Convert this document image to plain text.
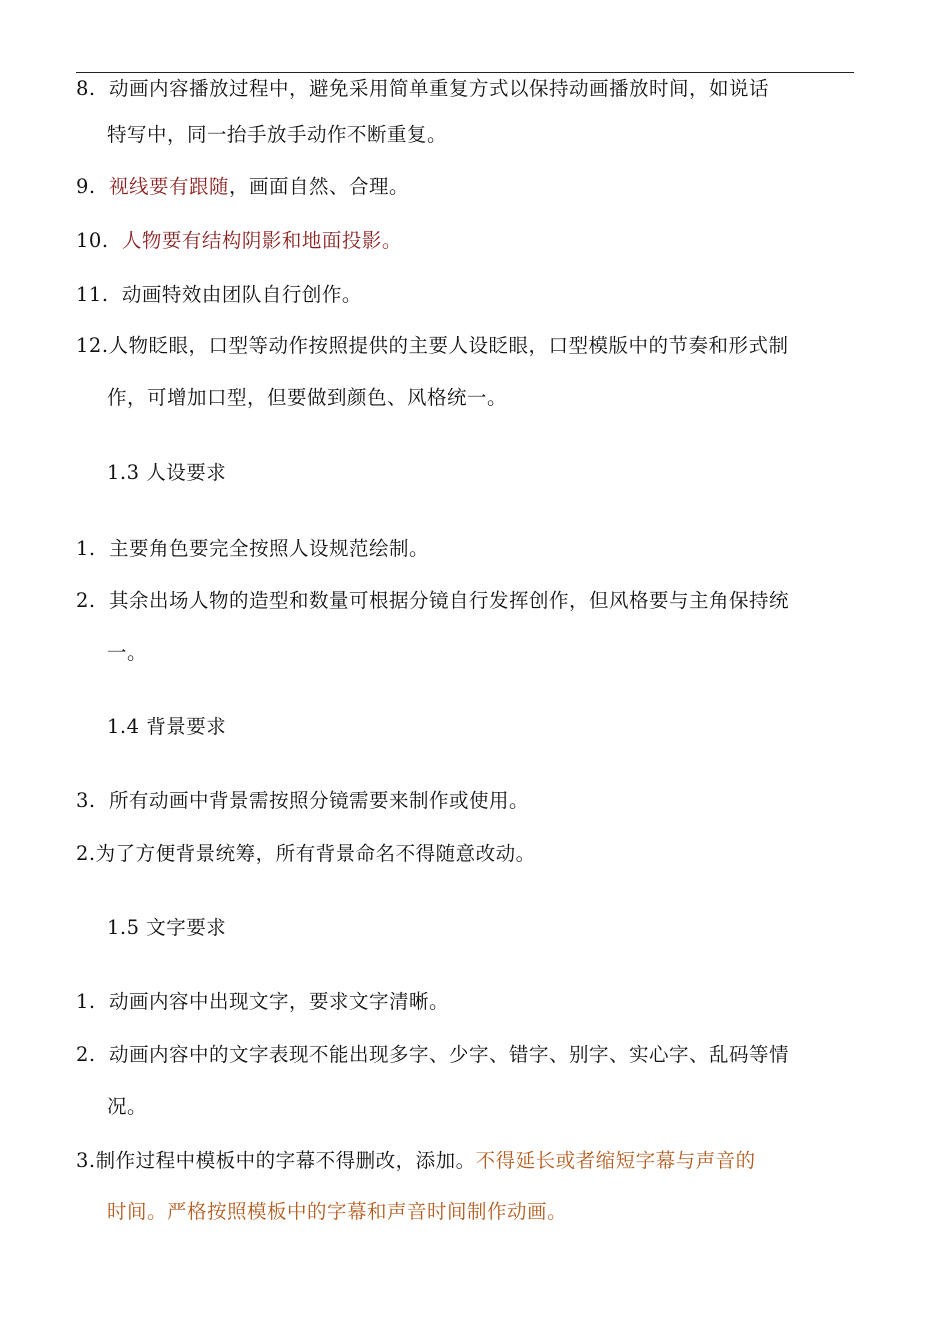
8. 动画内容播放过程中，避免采用简单重复方式以保持动画播放时间，如说话
特写中，同一抬手放手动作不断重复。
9. 视线要有跟随，画面自然、合理。
10. 人物要有结构阴影和地面投影。
11. 动画特效由团队自行创作。
12.人物眨眼，口型等动作按照提供的主要人设眨眼，口型模版中的节奏和形式制
作，可增加口型，但要做到颜色、风格统一。
1.3 人设要求
1. 主要角色要完全按照人设规范绘制。
2. 其余出场人物的造型和数量可根据分镜自行发挥创作，但风格要与主角保持统
一。
1.4 背景要求
3. 所有动画中背景需按照分镜需要来制作或使用。
2.为了方便背景统筹，所有背景命名不得随意改动。
1.5 文字要求
1. 动画内容中出现文字，要求文字清晰。
2. 动画内容中的文字表现不能出现多字、少字、错字、别字、实心字、乱码等情
况。
3.制作过程中模板中的字幕不得删改，添加。不得延长或者缩短字幕与声音的
时间。严格按照模板中的字幕和声音时间制作动画。
